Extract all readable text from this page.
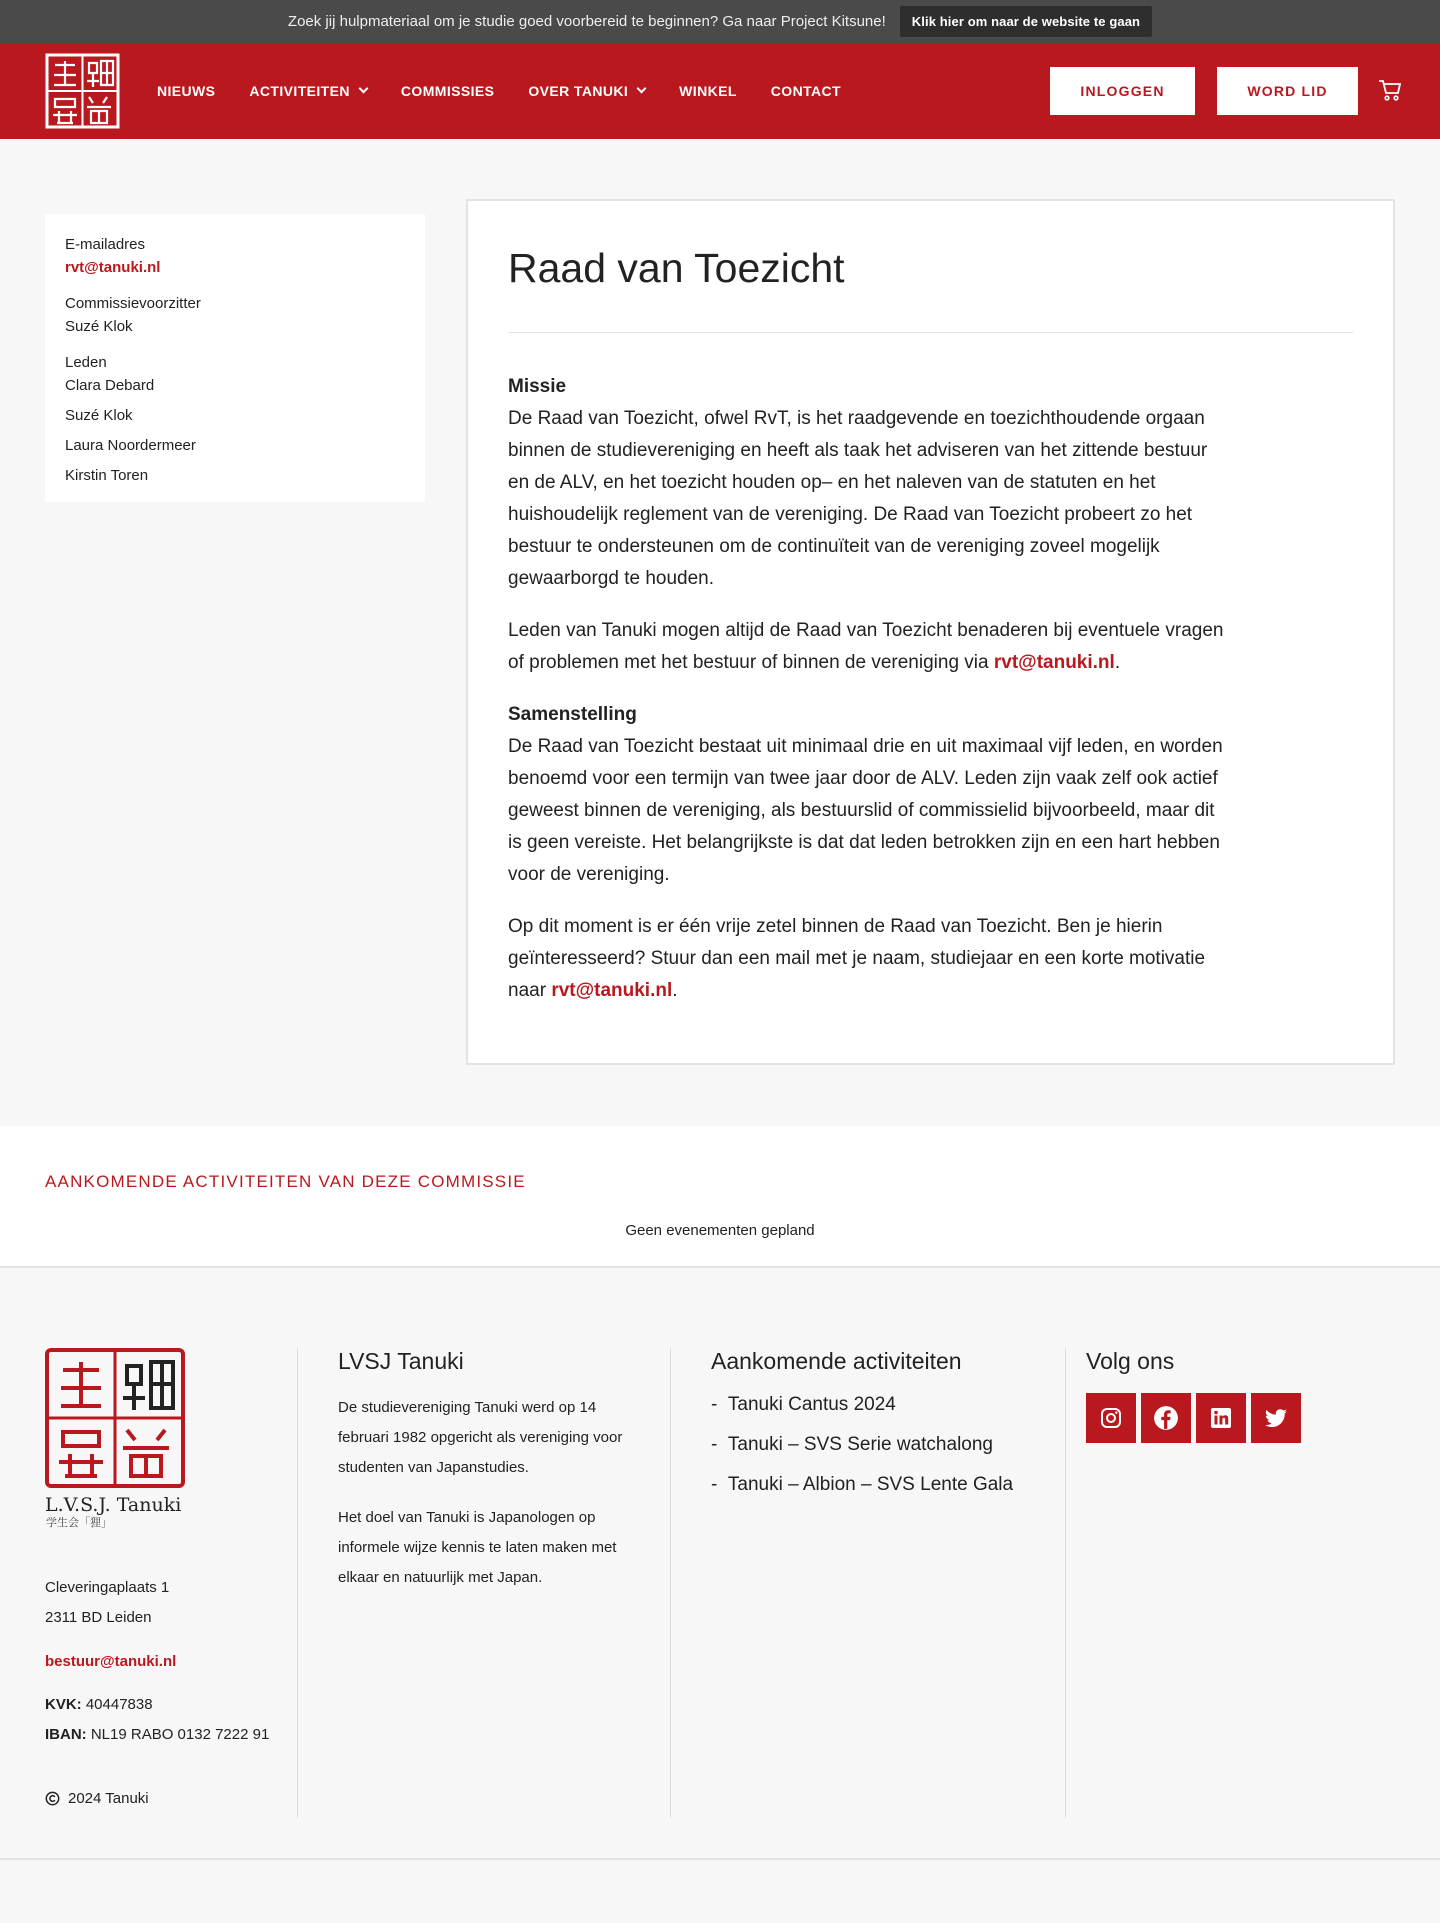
Zoek jij hulpmateriaal om je studie goed voorbereid te beginnen? Ga naar Project Kitsune!	Klik hier om naar de website te gaan
NIEUWS ACTIVITEITEN	COMMISSIES OVER TANUKI	WINKEL CONTACT	INLOGGEN	WORD LID
E-mailadres
rvt@tanuki.nl
Commissievoorzitter
Suzé Klok
Leden
Clara Debard
Suzé Klok
Laura Noordermeer
Kirstin Toren
Raad van Toezicht

Missie
De Raad van Toezicht, ofwel RvT, is het raadgevende en toezichthoudende orgaan binnen de studievereniging en heeft als taak het adviseren van het zittende bestuur en de ALV, en het toezicht houden op– en het naleven van de statuten en het huishoudelijk reglement van de vereniging. De Raad van Toezicht probeert zo het bestuur te ondersteunen om de continuïteit van de vereniging zoveel mogelijk gewaarborgd te houden.

Leden van Tanuki mogen altijd de Raad van Toezicht benaderen bij eventuele vragen of problemen met het bestuur of binnen de vereniging via rvt@tanuki.nl.

Samenstelling
De Raad van Toezicht bestaat uit minimaal drie en uit maximaal vijf leden, en worden benoemd voor een termijn van twee jaar door de ALV. Leden zijn vaak zelf ook actief geweest binnen de vereniging, als bestuurslid of commissielid bijvoorbeeld, maar dit is geen vereiste. Het belangrijkste is dat dat leden betrokken zijn en een hart hebben voor de vereniging.

Op dit moment is er één vrije zetel binnen de Raad van Toezicht. Ben je hierin geïnteresseerd? Stuur dan een mail met je naam, studiejaar en een korte motivatie naar rvt@tanuki.nl.

AANKOMENDE ACTIVITEITEN VAN DEZE COMMISSIE
Geen evenementen gepland
L.V.S.J. Tanuki
学生会「狸」
Cleveringaplaats 1
2311 BD Leiden
bestuur@tanuki.nl
KVK: 40447838
IBAN: NL19 RABO 0132 7222 91
2024 Tanuki
LVSJ Tanuki
De studievereniging Tanuki werd op 14 februari 1982 opgericht als vereniging voor studenten van Japanstudies.
Het doel van Tanuki is Japanologen op informele wijze kennis te laten maken met elkaar en natuurlijk met Japan.
Aankomende activiteiten
-  Tanuki Cantus 2024
-  Tanuki – SVS Serie watchalong
-  Tanuki – Albion – SVS Lente Gala
Volg ons
